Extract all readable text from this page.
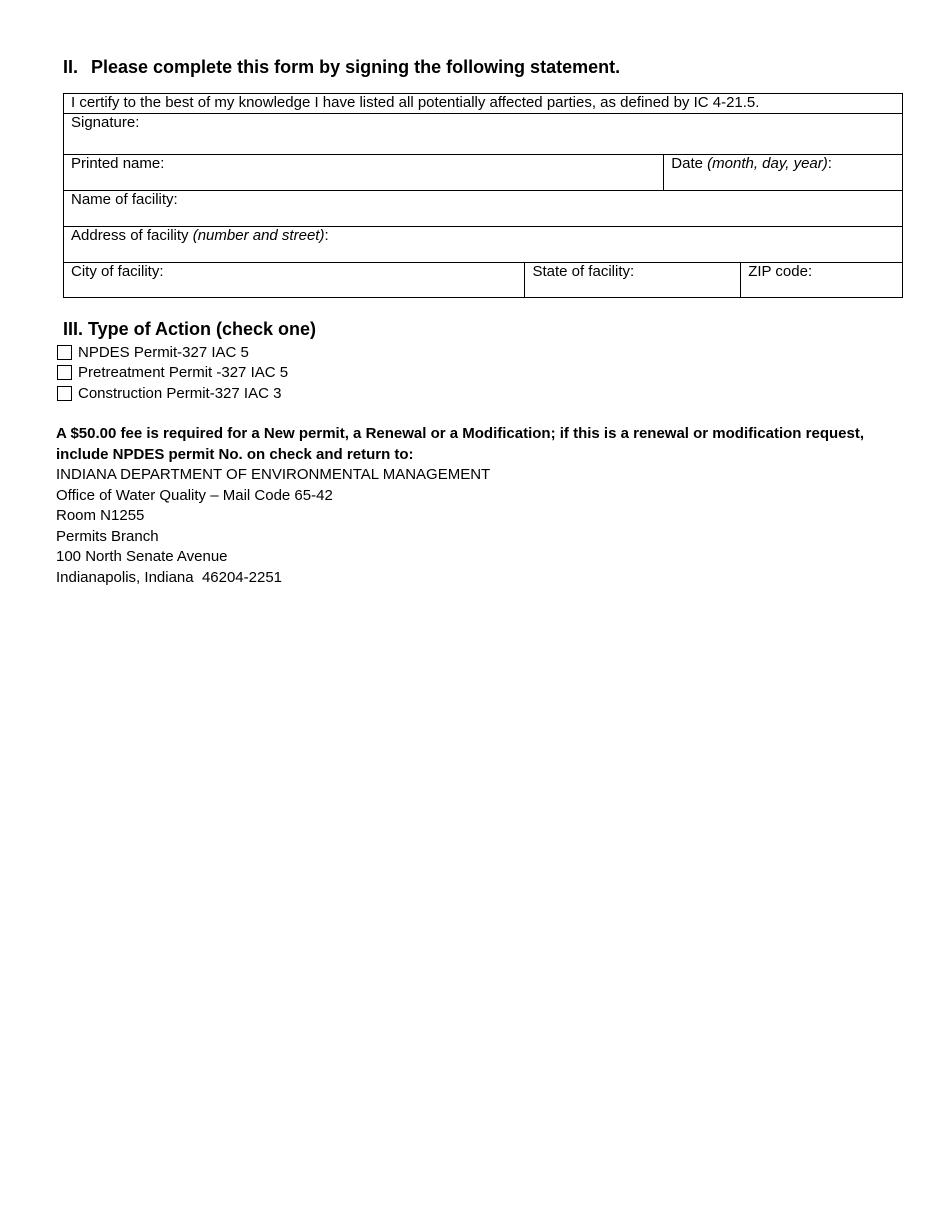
II. Please complete this form by signing the following statement.
I certify to the best of my knowledge I have listed all potentially affected parties, as defined by IC 4-21.5.
Signature:
Printed name:	Date (month, day, year):
Name of facility:
Address of facility (number and street):
City of facility:	State of facility:	ZIP code:
III. Type of Action (check one)
NPDES Permit-327 IAC 5
Pretreatment Permit -327 IAC 5
Construction Permit-327 IAC 3
A $50.00 fee is required for a New permit, a Renewal or a Modification; if this is a renewal or modification request, include NPDES permit No. on check and return to:
INDIANA DEPARTMENT OF ENVIRONMENTAL MANAGEMENT
Office of Water Quality – Mail Code 65-42
Room N1255
Permits Branch
100 North Senate Avenue
Indianapolis, Indiana  46204-2251
